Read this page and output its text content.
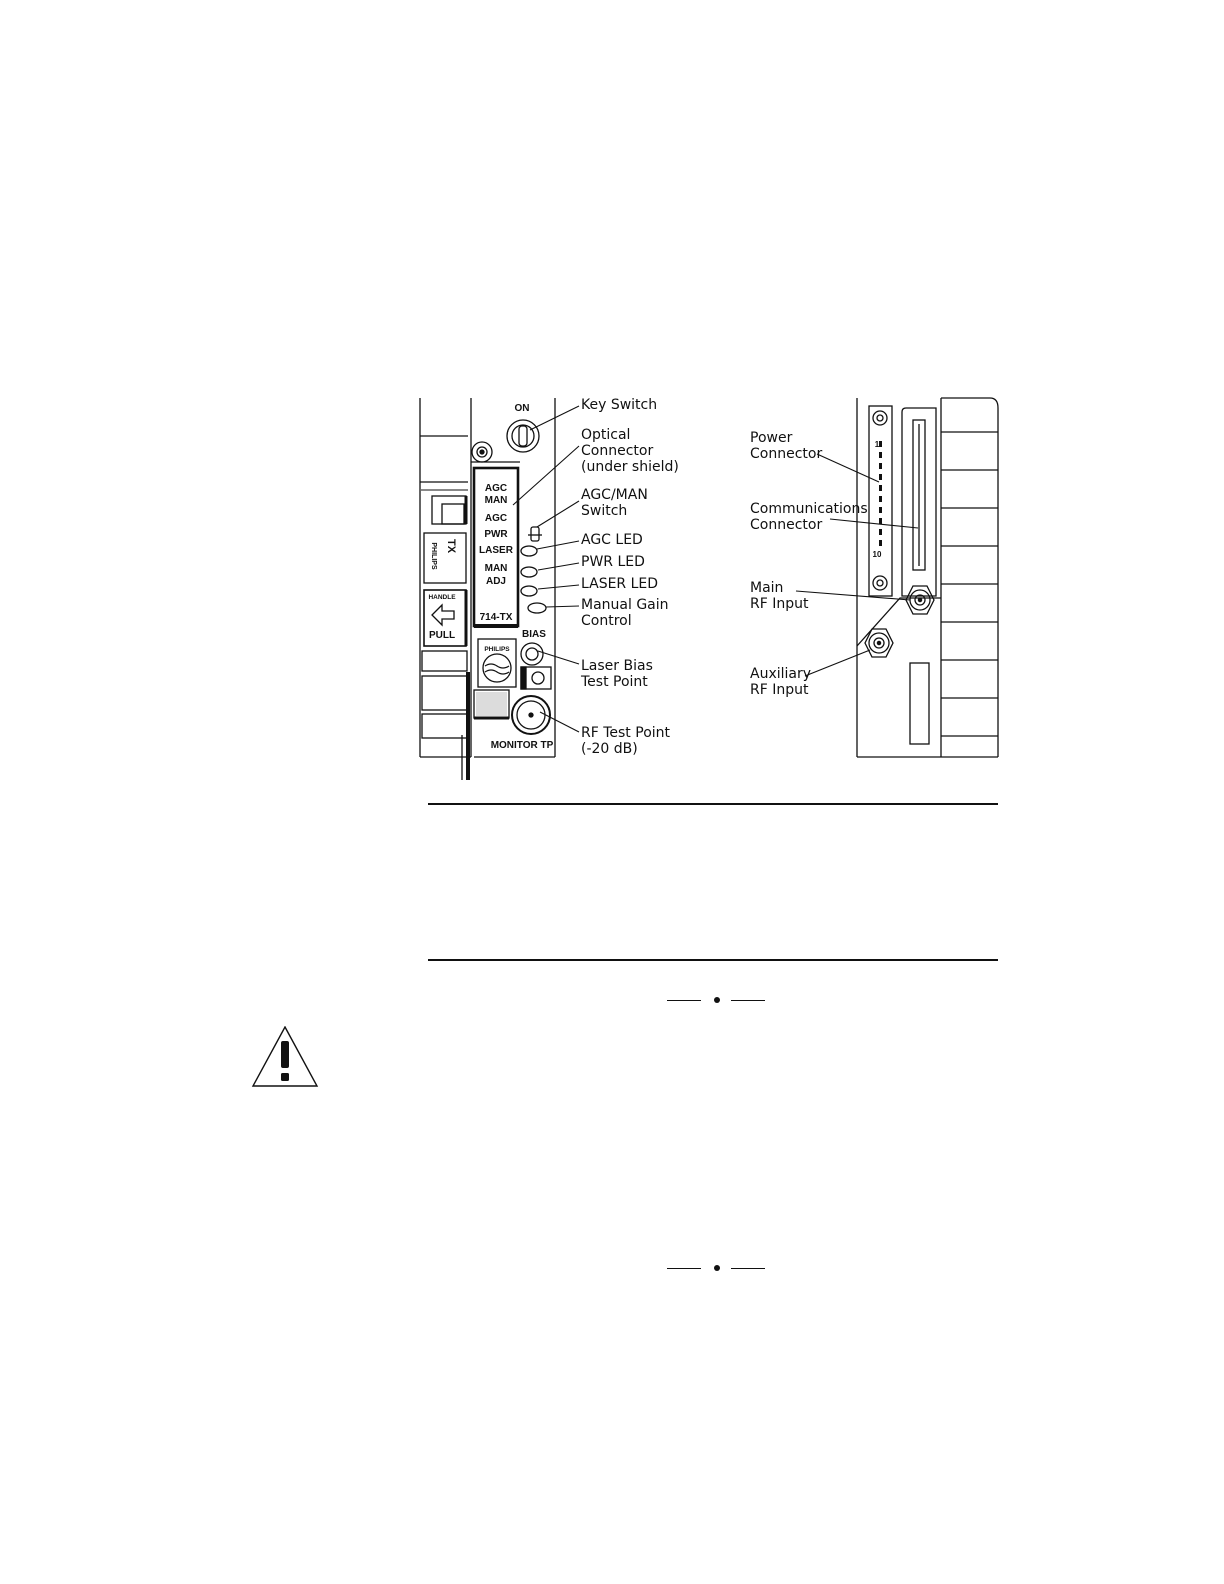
ON
AGC
MAN
AGC
PWR
LASER
MAN
ADJ
714-TX
BIAS
MONITOR TP
HANDLE
PULL
PHILIPS
PHILIPS TX
Key Switch
Optical
Connector
(under shield)
AGC/MAN
Switch
AGC LED
PWR LED
LASER LED
Manual Gain
Control
Laser Bias
Test Point
RF Test Point
(-20 dB)
1
10
Power
Connector
Communications
Connector
Main
RF Input
Auxiliary
RF Input
